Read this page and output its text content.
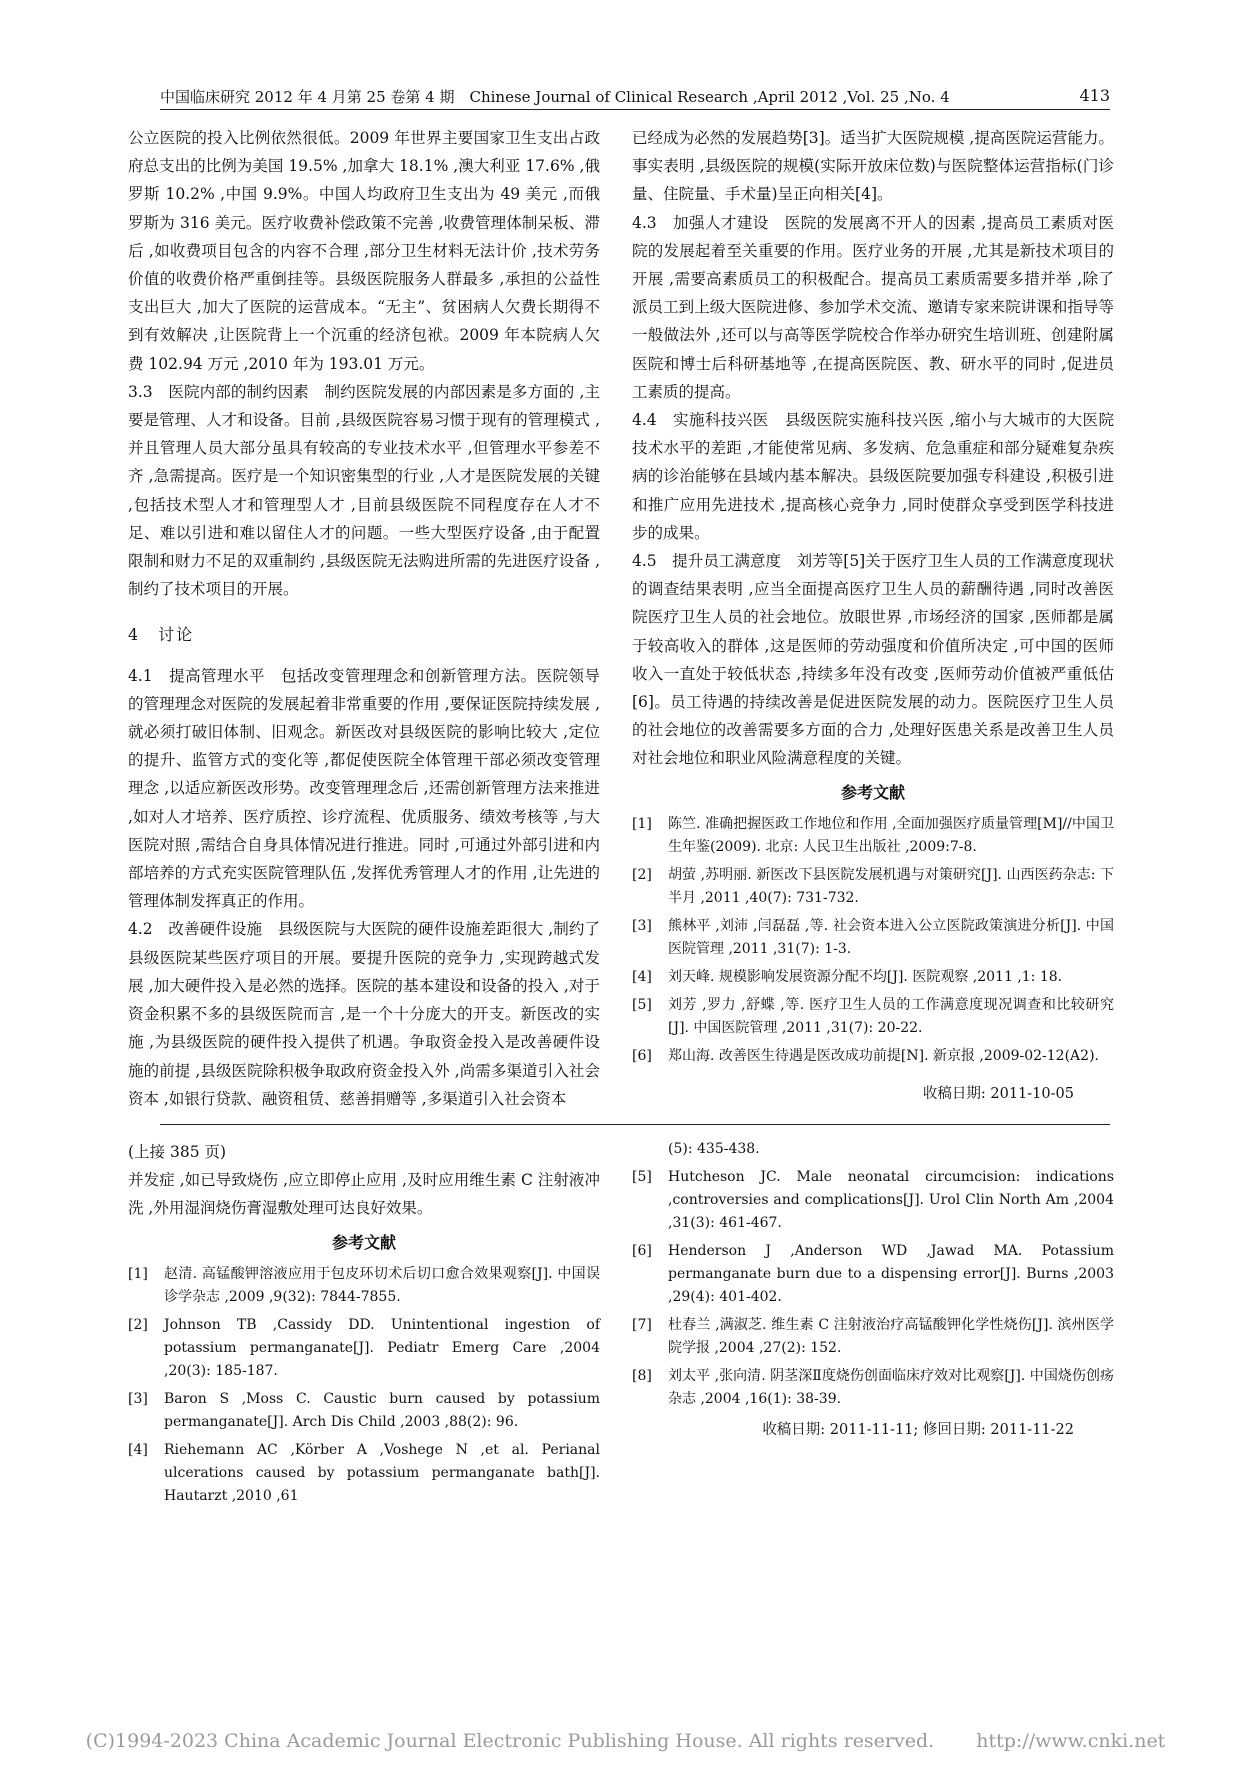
中国临床研究 2012 年 4 月第 25 卷第 4 期　Chinese Journal of Clinical Research ,April 2012 ,Vol. 25 ,No. 4	413

公立医院的投入比例依然很低。2009 年世界主要国家卫生支出占政府总支出的比例为美国 19.5% ,加拿大 18.1% ,澳大利亚 17.6% ,俄罗斯 10.2% ,中国 9.9%。中国人均政府卫生支出为 49 美元 ,而俄罗斯为 316 美元。医疗收费补偿政策不完善 ,收费管理体制呆板、滞后 ,如收费项目包含的内容不合理 ,部分卫生材料无法计价 ,技术劳务价值的收费价格严重倒挂等。县级医院服务人群最多 ,承担的公益性支出巨大 ,加大了医院的运营成本。“无主”、贫困病人欠费长期得不到有效解决 ,让医院背上一个沉重的经济包袱。2009 年本院病人欠费 102.94 万元 ,2010 年为 193.01 万元。

3.3　医院内部的制约因素　制约医院发展的内部因素是多方面的 ,主要是管理、人才和设备。目前 ,县级医院容易习惯于现有的管理模式 ,并且管理人员大部分虽具有较高的专业技术水平 ,但管理水平参差不齐 ,急需提高。医疗是一个知识密集型的行业 ,人才是医院发展的关键 ,包括技术型人才和管理型人才 ,目前县级医院不同程度存在人才不足、难以引进和难以留住人才的问题。一些大型医疗设备 ,由于配置限制和财力不足的双重制约 ,县级医院无法购进所需的先进医疗设备 ,制约了技术项目的开展。

4　讨论

4.1　提高管理水平　包括改变管理理念和创新管理方法。医院领导的管理理念对医院的发展起着非常重要的作用 ,要保证医院持续发展 ,就必须打破旧体制、旧观念。新医改对县级医院的影响比较大 ,定位的提升、监管方式的变化等 ,都促使医院全体管理干部必须改变管理理念 ,以适应新医改形势。改变管理理念后 ,还需创新管理方法来推进 ,如对人才培养、医疗质控、诊疗流程、优质服务、绩效考核等 ,与大医院对照 ,需结合自身具体情况进行推进。同时 ,可通过外部引进和内部培养的方式充实医院管理队伍 ,发挥优秀管理人才的作用 ,让先进的管理体制发挥真正的作用。

4.2　改善硬件设施　县级医院与大医院的硬件设施差距很大 ,制约了县级医院某些医疗项目的开展。要提升医院的竞争力 ,实现跨越式发展 ,加大硬件投入是必然的选择。医院的基本建设和设备的投入 ,对于资金积累不多的县级医院而言 ,是一个十分庞大的开支。新医改的实施 ,为县级医院的硬件投入提供了机遇。争取资金投入是改善硬件设施的前提 ,县级医院除积极争取政府资金投入外 ,尚需多渠道引入社会资本 ,如银行贷款、融资租赁、慈善捐赠等 ,多渠道引入社会资本

已经成为必然的发展趋势[3]。适当扩大医院规模 ,提高医院运营能力。事实表明 ,县级医院的规模(实际开放床位数)与医院整体运营指标(门诊量、住院量、手术量)呈正向相关[4]。

4.3　加强人才建设　医院的发展离不开人的因素 ,提高员工素质对医院的发展起着至关重要的作用。医疗业务的开展 ,尤其是新技术项目的开展 ,需要高素质员工的积极配合。提高员工素质需要多措并举 ,除了派员工到上级大医院进修、参加学术交流、邀请专家来院讲课和指导等一般做法外 ,还可以与高等医学院校合作举办研究生培训班、创建附属医院和博士后科研基地等 ,在提高医院医、教、研水平的同时 ,促进员工素质的提高。

4.4　实施科技兴医　县级医院实施科技兴医 ,缩小与大城市的大医院技术水平的差距 ,才能使常见病、多发病、危急重症和部分疑难复杂疾病的诊治能够在县域内基本解决。县级医院要加强专科建设 ,积极引进和推广应用先进技术 ,提高核心竞争力 ,同时使群众享受到医学科技进步的成果。

4.5　提升员工满意度　刘芳等[5]关于医疗卫生人员的工作满意度现状的调查结果表明 ,应当全面提高医疗卫生人员的薪酬待遇 ,同时改善医院医疗卫生人员的社会地位。放眼世界 ,市场经济的国家 ,医师都是属于较高收入的群体 ,这是医师的劳动强度和价值所决定 ,可中国的医师收入一直处于较低状态 ,持续多年没有改变 ,医师劳动价值被严重低估[6]。员工待遇的持续改善是促进医院发展的动力。医院医疗卫生人员的社会地位的改善需要多方面的合力 ,处理好医患关系是改善卫生人员对社会地位和职业风险满意程度的关键。

参考文献
[1]	陈竺. 准确把握医政工作地位和作用 ,全面加强医疗质量管理[M]//中国卫生年鉴(2009). 北京: 人民卫生出版社 ,2009:7-8.
[2]	胡萤 ,苏明丽. 新医改下县医院发展机遇与对策研究[J]. 山西医药杂志: 下半月 ,2011 ,40(7): 731-732.
[3]	熊林平 ,刘沛 ,闫磊磊 ,等. 社会资本进入公立医院政策演进分析[J]. 中国医院管理 ,2011 ,31(7): 1-3.
[4]	刘天峰. 规模影响发展资源分配不均[J]. 医院观察 ,2011 ,1: 18.
[5]	刘芳 ,罗力 ,舒蝶 ,等. 医疗卫生人员的工作满意度现况调查和比较研究[J]. 中国医院管理 ,2011 ,31(7): 20-22.
[6]	郑山海. 改善医生待遇是医改成功前提[N]. 新京报 ,2009-02-12(A2).
收稿日期: 2011-10-05

(上接 385 页)

并发症 ,如已导致烧伤 ,应立即停止应用 ,及时应用维生素 C 注射液冲洗 ,外用湿润烧伤膏湿敷处理可达良好效果。

参考文献
[1]	赵清. 高锰酸钾溶液应用于包皮环切术后切口愈合效果观察[J]. 中国误诊学杂志 ,2009 ,9(32): 7844-7855.
[2]	Johnson TB ,Cassidy DD. Unintentional ingestion of potassium permanganate[J]. Pediatr Emerg Care ,2004 ,20(3): 185-187.
[3]	Baron S ,Moss C. Caustic burn caused by potassium permanganate[J]. Arch Dis Child ,2003 ,88(2): 96.
[4]	Riehemann AC ,Körber A ,Voshege N ,et al. Perianal ulcerations caused by potassium permanganate bath[J]. Hautarzt ,2010 ,61
(5): 435-438.
[5]	Hutcheson JC. Male neonatal circumcision: indications ,controversies and complications[J]. Urol Clin North Am ,2004 ,31(3): 461-467.
[6]	Henderson J ,Anderson WD ,Jawad MA. Potassium permanganate burn due to a dispensing error[J]. Burns ,2003 ,29(4): 401-402.
[7]	杜春兰 ,满淑芝. 维生素 C 注射液治疗高锰酸钾化学性烧伤[J]. 滨州医学院学报 ,2004 ,27(2): 152.
[8]	刘太平 ,张向清. 阴茎深Ⅱ度烧伤创面临床疗效对比观察[J]. 中国烧伤创疡杂志 ,2004 ,16(1): 38-39.
收稿日期: 2011-11-11; 修回日期: 2011-11-22
(C)1994-2023 China Academic Journal Electronic Publishing House. All rights reserved. http://www.cnki.net
